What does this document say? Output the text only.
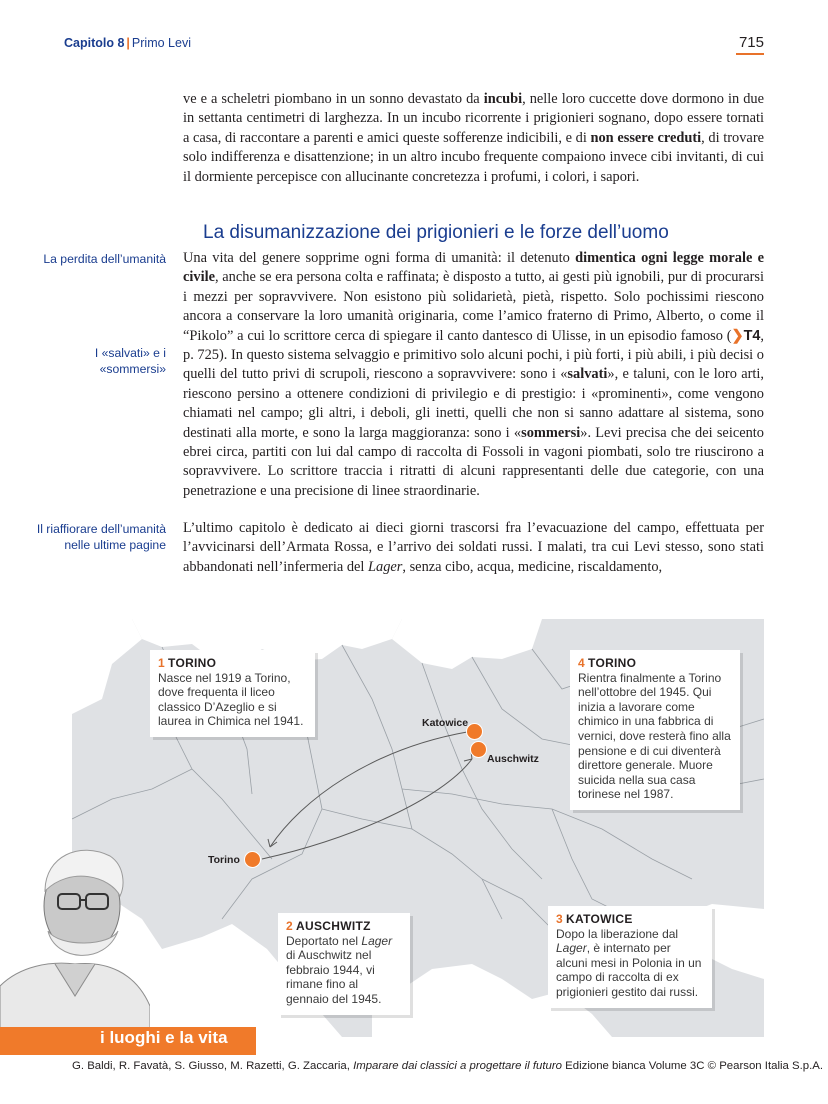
Capitolo 8 | Primo Levi	715

ve e a scheletri piombano in un sonno devastato da incubi, nelle loro cuccette dove dormono in due in settanta centimetri di larghezza. In un incubo ricorrente i prigionieri sognano, dopo essere tornati a casa, di raccontare a parenti e amici queste sofferenze indicibili, e di non essere creduti, di trovare solo indifferenza e disattenzione; in un altro incubo frequente compaiono invece cibi invitanti, di cui il dormiente percepisce con allucinante concretezza i profumi, i colori, i sapori.

La disumanizzazione dei prigionieri e le forze dell’uomo
La perdita dell’umanità
I «salvati» e i «sommersi»
Il riaffiorare dell’umanità nelle ultime pagine

Una vita del genere sopprime ogni forma di umanità: il detenuto dimentica ogni legge morale e civile, anche se era persona colta e raffinata; è disposto a tutto, ai gesti più ignobili, pur di procurarsi i mezzi per sopravvivere. Non esistono più solidarietà, pietà, rispetto. Solo pochissimi riescono ancora a conservare la loro umanità originaria, come l’amico fraterno di Primo, Alberto, o come il “Pikolo” a cui lo scrittore cerca di spiegare il canto dantesco di Ulisse, in un episodio famoso (❯T4, p. 725). In questo sistema selvaggio e primitivo solo alcuni pochi, i più forti, i più abili, i più decisi o quelli del tutto privi di scrupoli, riescono a sopravvivere: sono i «salvati», e taluni, con le loro arti, riescono persino a ottenere condizioni di privilegio e di prestigio: i «prominenti», come vengono chiamati nel campo; gli altri, i deboli, gli inetti, quelli che non si sanno adattare al sistema, sono destinati alla morte, e sono la larga maggioranza: sono i «sommersi». Levi precisa che dei seicento ebrei circa, partiti con lui dal campo di raccolta di Fossoli in vagoni piombati, solo tre riuscirono a sopravvivere. Lo scrittore traccia i ritratti di alcuni rappresentanti delle due categorie, con una penetrazione e una precisione di linee straordinarie.

L’ultimo capitolo è dedicato ai dieci giorni trascorsi fra l’evacuazione del campo, effettuata per l’avvicinarsi dell’Armata Rossa, e l’arrivo dei soldati russi. I malati, tra cui Levi stesso, sono stati abbandonati nell’infermeria del Lager, senza cibo, acqua, medicine, riscaldamento,

Katowice
Auschwitz
Torino
1 TORINO
Nasce nel 1919 a Torino, dove frequenta il liceo classico D’Azeglio e si laurea in Chimica nel 1941.
4 TORINO
Rientra finalmente a Torino nell’ottobre del 1945. Qui inizia a lavorare come chimico in una fabbrica di vernici, dove resterà fino alla pensione e di cui diventerà direttore generale. Muore suicida nella sua casa torinese nel 1987.
2 AUSCHWITZ
Deportato nel Lager di Auschwitz nel febbraio 1944, vi rimane fino al gennaio del 1945.
3 KATOWICE
Dopo la liberazione dal Lager, è internato per alcuni mesi in Polonia in un campo di raccolta di ex prigionieri gestito dai russi.
i luoghi e la vita
G. Baldi, R. Favatà, S. Giusso, M. Razetti, G. Zaccaria, Imparare dai classici a progettare il futuro Edizione bianca Volume 3C © Pearson Italia S.p.A.
